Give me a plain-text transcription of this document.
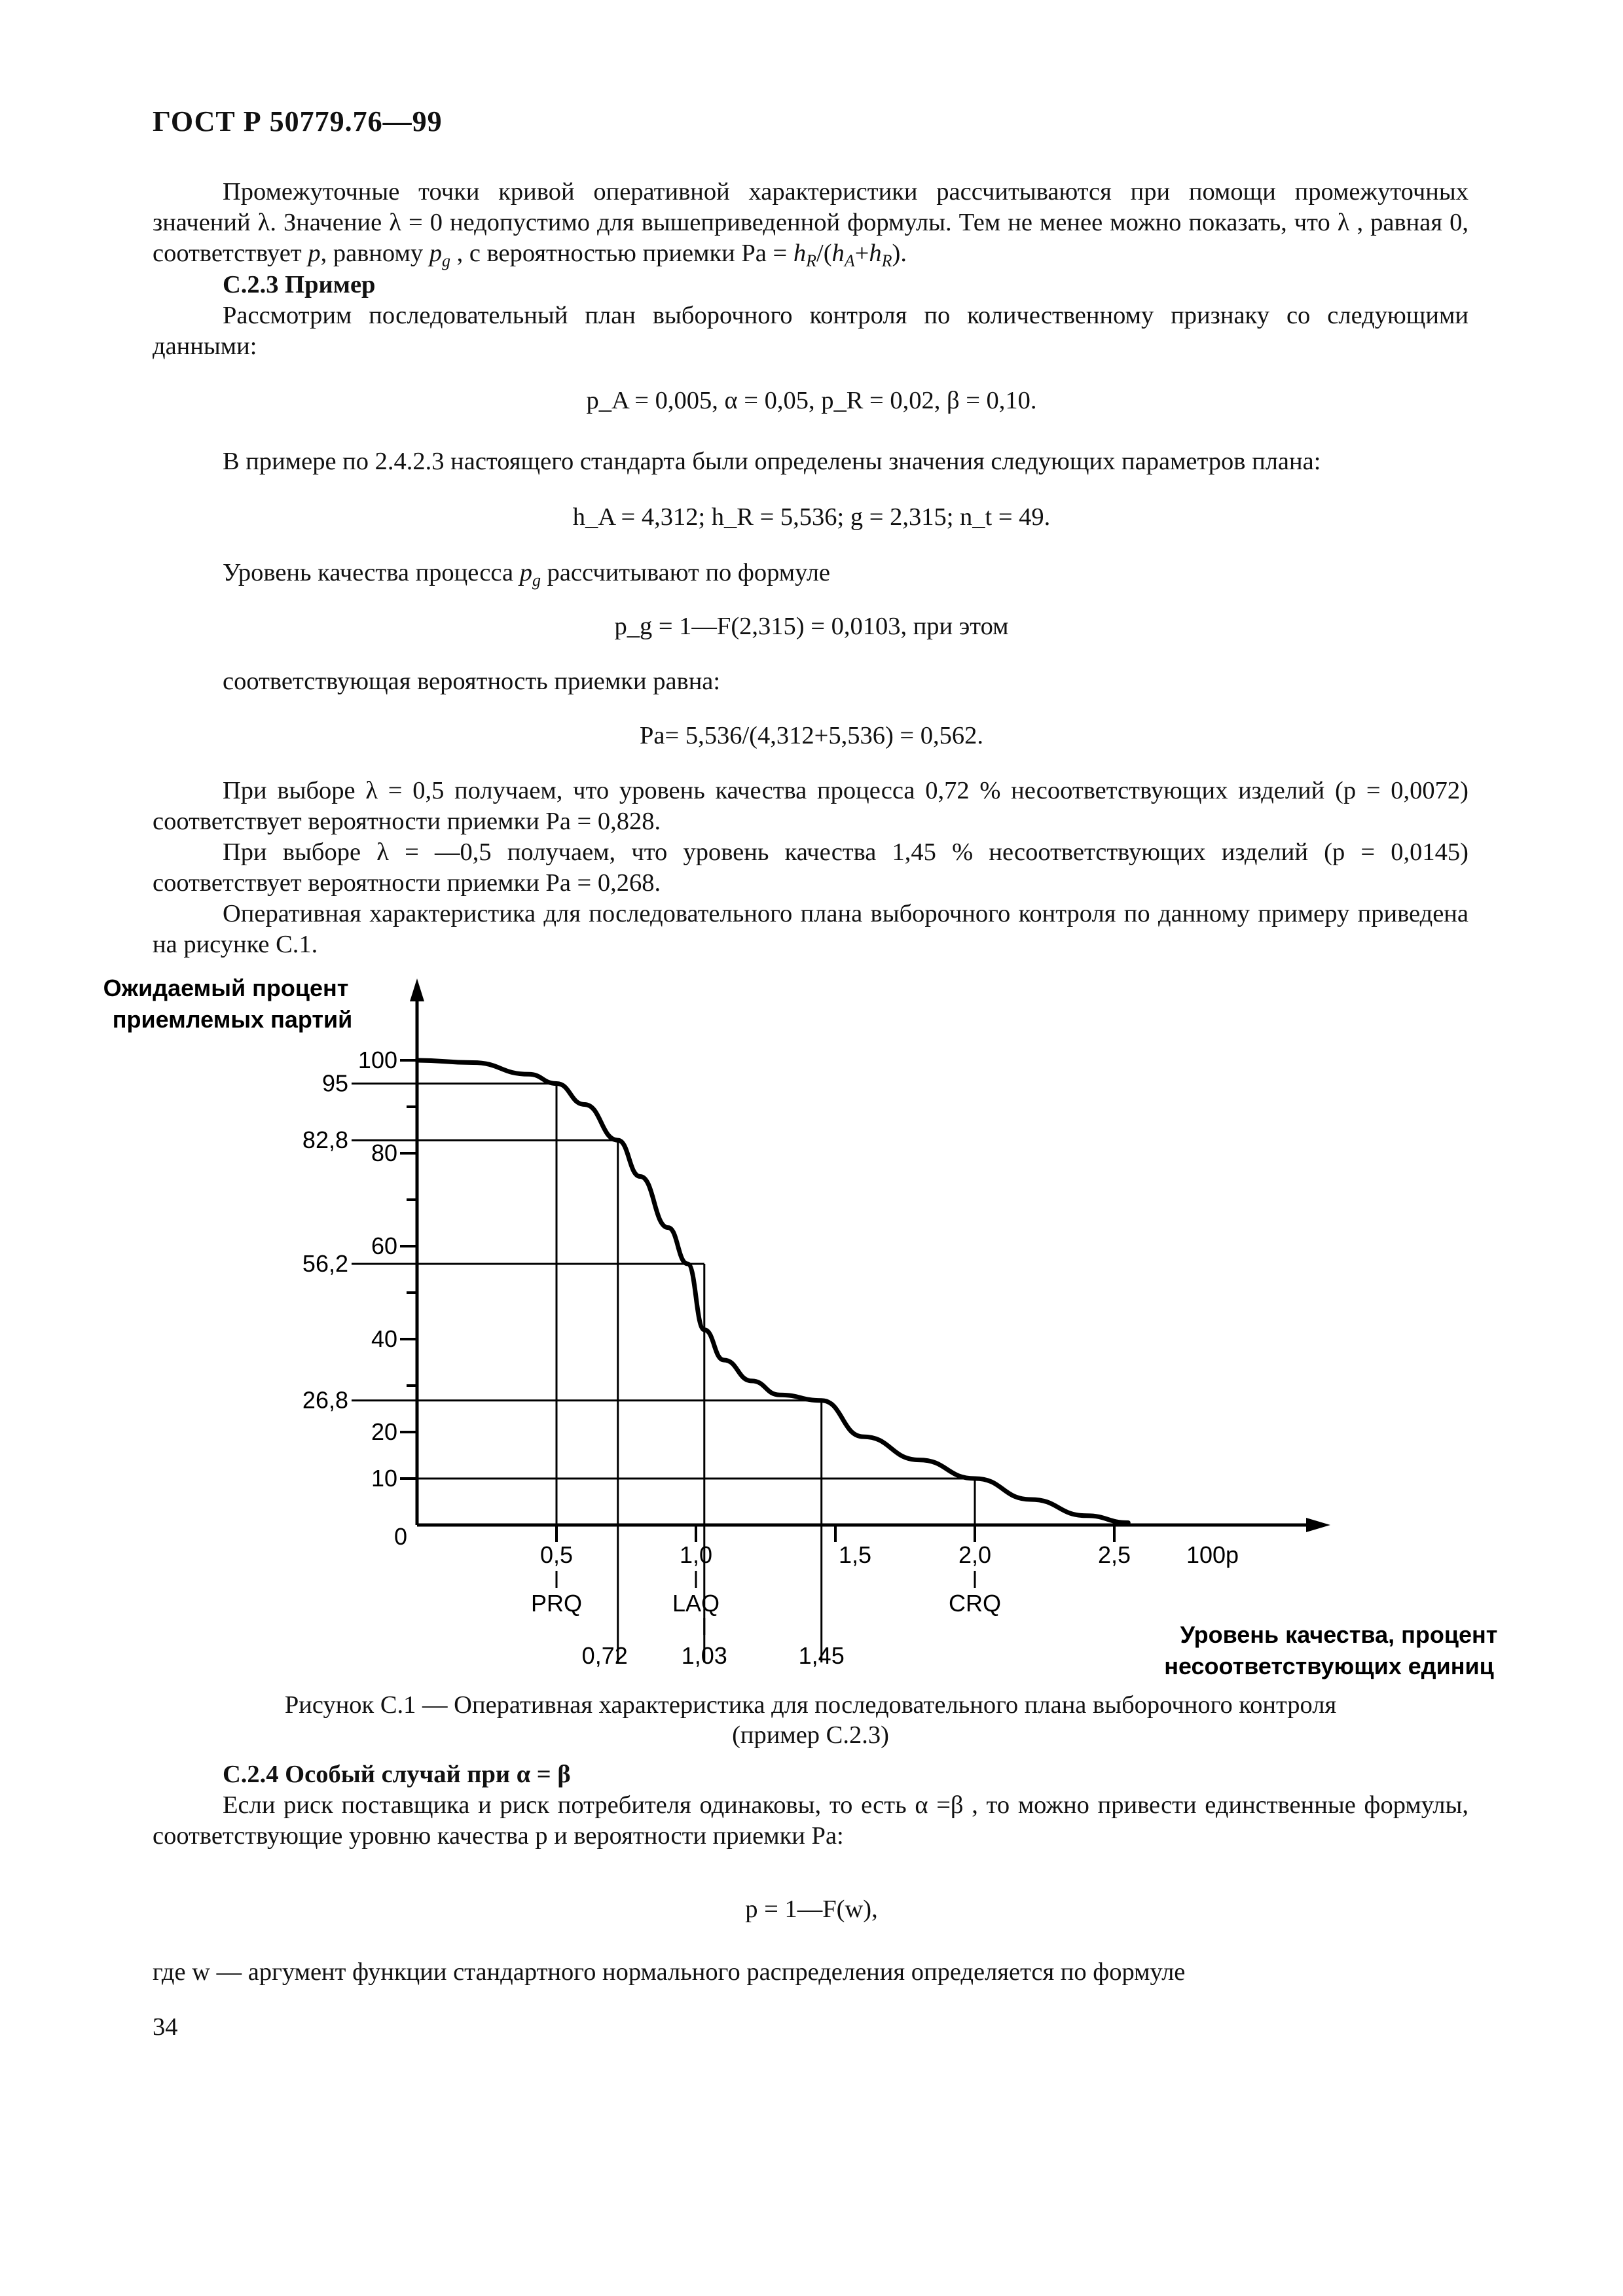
ГОСТ Р 50779.76—99

Промежуточные точки кривой оперативной характеристики рассчитываются при помощи промежуточных значений λ. Значение λ = 0 недопустимо для вышеприведенной формулы. Тем не менее можно показать, что λ , равная 0, соответствует p, равному $p_g$ , с вероятностью приемки $Pa = h_R/(h_A+h_R)$.

С.2.3 Пример

Рассмотрим последовательный план выборочного контроля по количественному признаку со следующими данными:

p_A = 0,005, α = 0,05, p_R = 0,02, β = 0,10.

В примере по 2.4.2.3 настоящего стандарта были определены значения следующих параметров плана:

h_A = 4,312; h_R = 5,536; g = 2,315; n_t = 49.

Уровень качества процесса $p_g$ рассчитывают по формуле

p_g = 1—F(2,315) = 0,0103, при этом

соответствующая вероятность приемки равна:

Pa= 5,536/(4,312+5,536) = 0,562.

При выборе λ = 0,5 получаем, что уровень качества процесса 0,72 % несоответствующих изделий (p = 0,0072) соответствует вероятности приемки Pa = 0,828.

При выборе λ = —0,5 получаем, что уровень качества 1,45 % несоответствующих изделий (p = 0,0145) соответствует вероятности приемки Pa = 0,268.

Оперативная характеристика для последовательного плана выборочного контроля по данному примеру приведена на рисунке С.1.

Ожидаемый процент
приемлемых партий
10
20
40
60
80
100
0
95
82,8
56,2
26,8
0,5	1,0	1,5	2,0	2,5 100p
PRQ	LAQ	CRQ
0,72 1,03	1,45
Уровень качества, процент
несоответствующих единиц
Рисунок С.1 — Оперативная характеристика для последовательного плана выборочного контроля
(пример С.2.3)

С.2.4 Особый случай при α = β

Если риск поставщика и риск потребителя одинаковы, то есть α =β , то можно привести единственные формулы, соответствующие уровню качества p и вероятности приемки Pa:

p = 1—F(w),

где w — аргумент функции стандартного нормального распределения определяется по формуле

34
